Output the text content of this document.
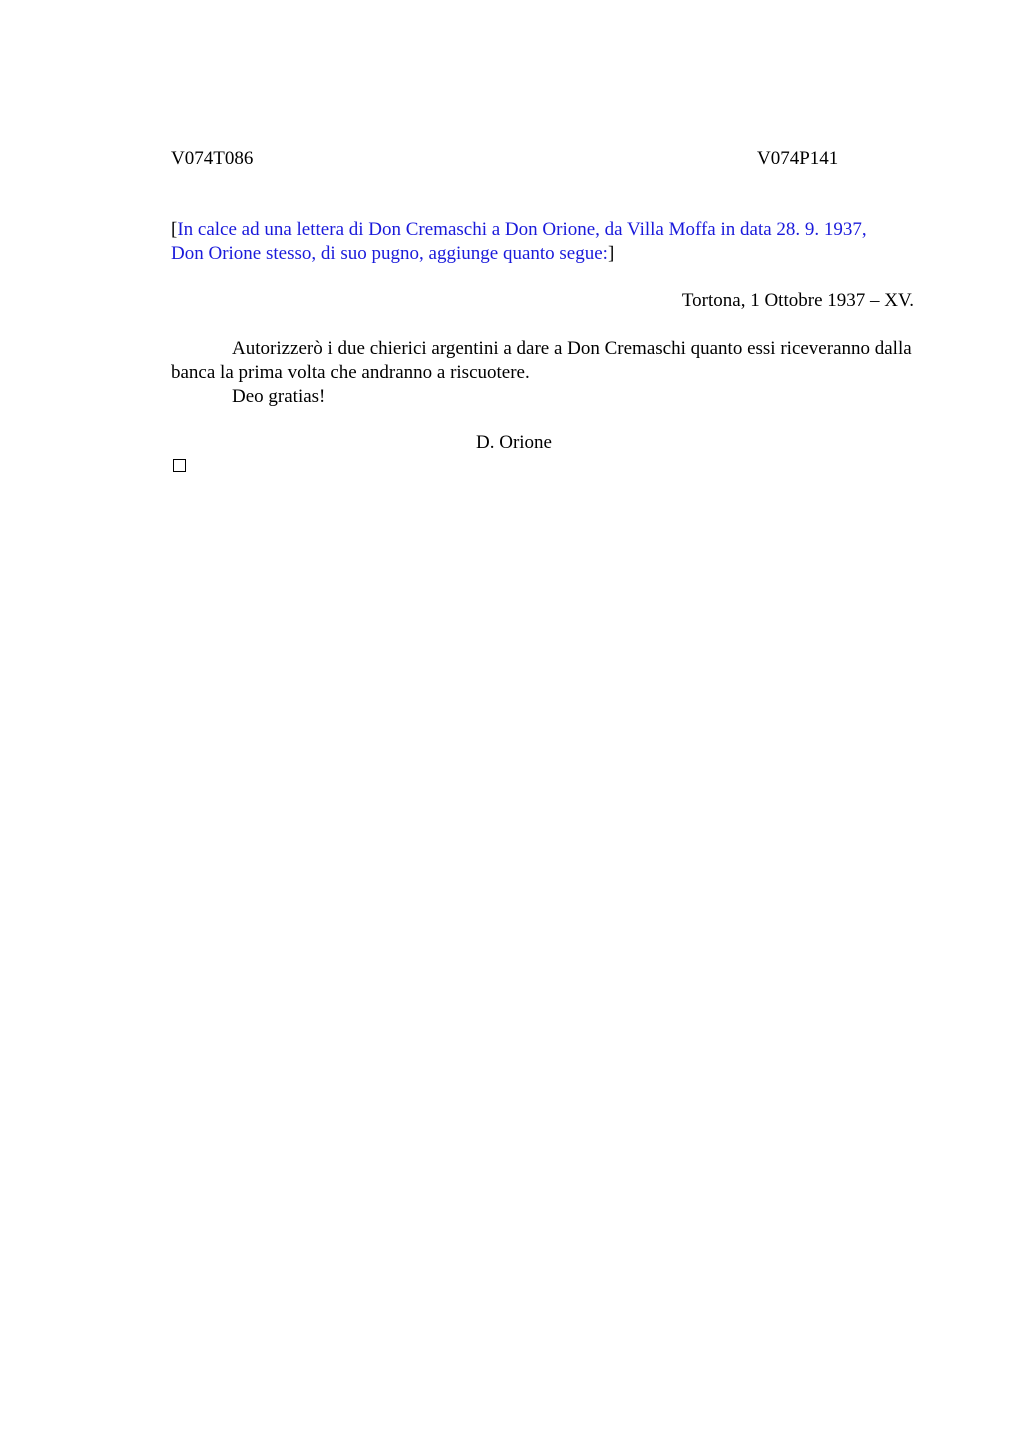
V074T086	V074P141

[In calce ad una lettera di Don Cremaschi a Don Orione, da Villa Moffa in data 28. 9. 1937, Don Orione stesso, di suo pugno, aggiunge quanto segue:]

Tortona, 1 Ottobre 1937 – XV.

Autorizzerò i due chierici argentini a dare a Don Cremaschi quanto essi riceveranno dalla banca la prima volta che andranno a riscuotere.

Deo gratias!

D. Orione
